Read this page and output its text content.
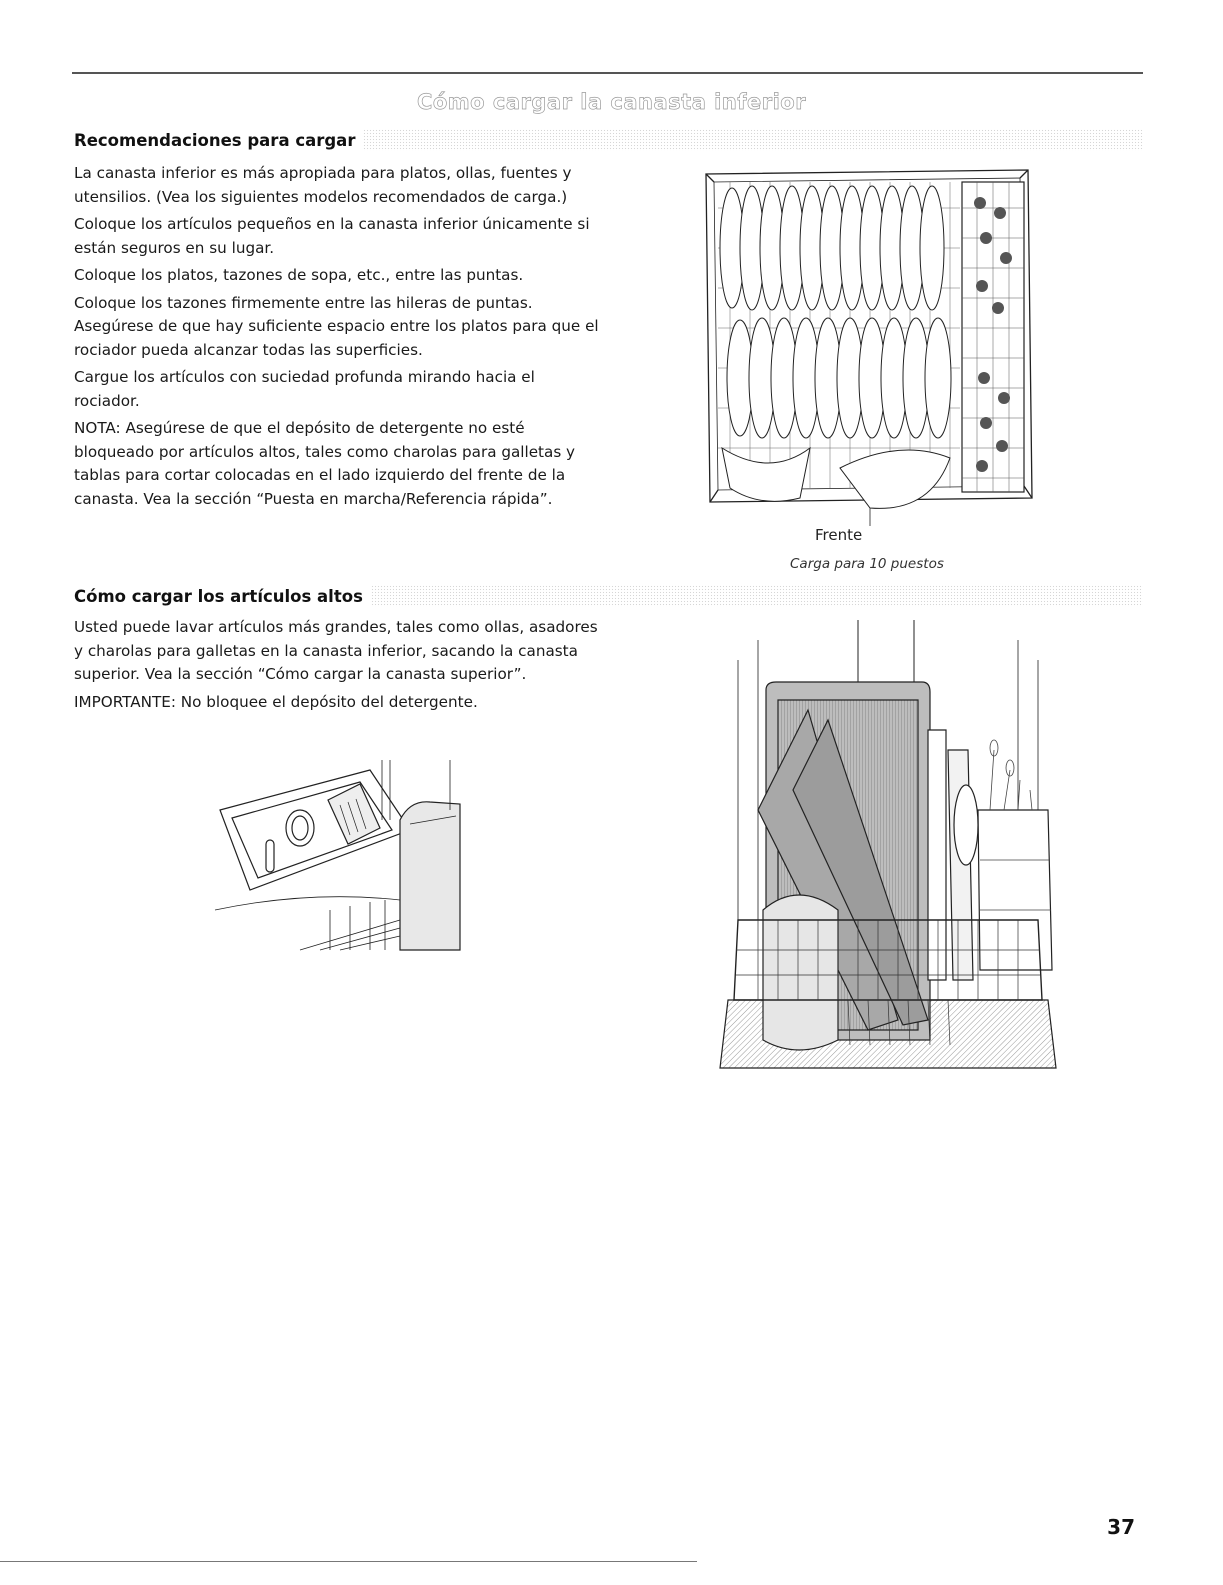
Cómo cargar la canasta inferior
Recomendaciones para cargar

La canasta inferior es más apropiada para platos, ollas, fuentes y utensilios. (Vea los siguientes modelos recomendados de carga.)

Coloque los artículos pequeños en la canasta inferior únicamente si están seguros en su lugar.

Coloque los platos, tazones de sopa, etc., entre las puntas.

Coloque los tazones firmemente entre las hileras de puntas. Asegúrese de que hay suficiente espacio entre los platos para que el rociador pueda alcanzar todas las superficies.

Cargue los artículos con suciedad profunda mirando hacia el rociador.

NOTA: Asegúrese de que el depósito de detergente no esté bloqueado por artículos altos, tales como charolas para galletas y tablas para cortar colocadas en el lado izquierdo del frente de la canasta. Vea la sección “Puesta en marcha/Referencia rápida”.

Frente
Carga para 10 puestos
Cómo cargar los artículos altos

Usted puede lavar artículos más grandes, tales como ollas, asadores y charolas para galletas en la canasta inferior, sacando la canasta superior. Vea la sección “Cómo cargar la canasta superior”.

IMPORTANTE: No bloquee el depósito del detergente.

37
